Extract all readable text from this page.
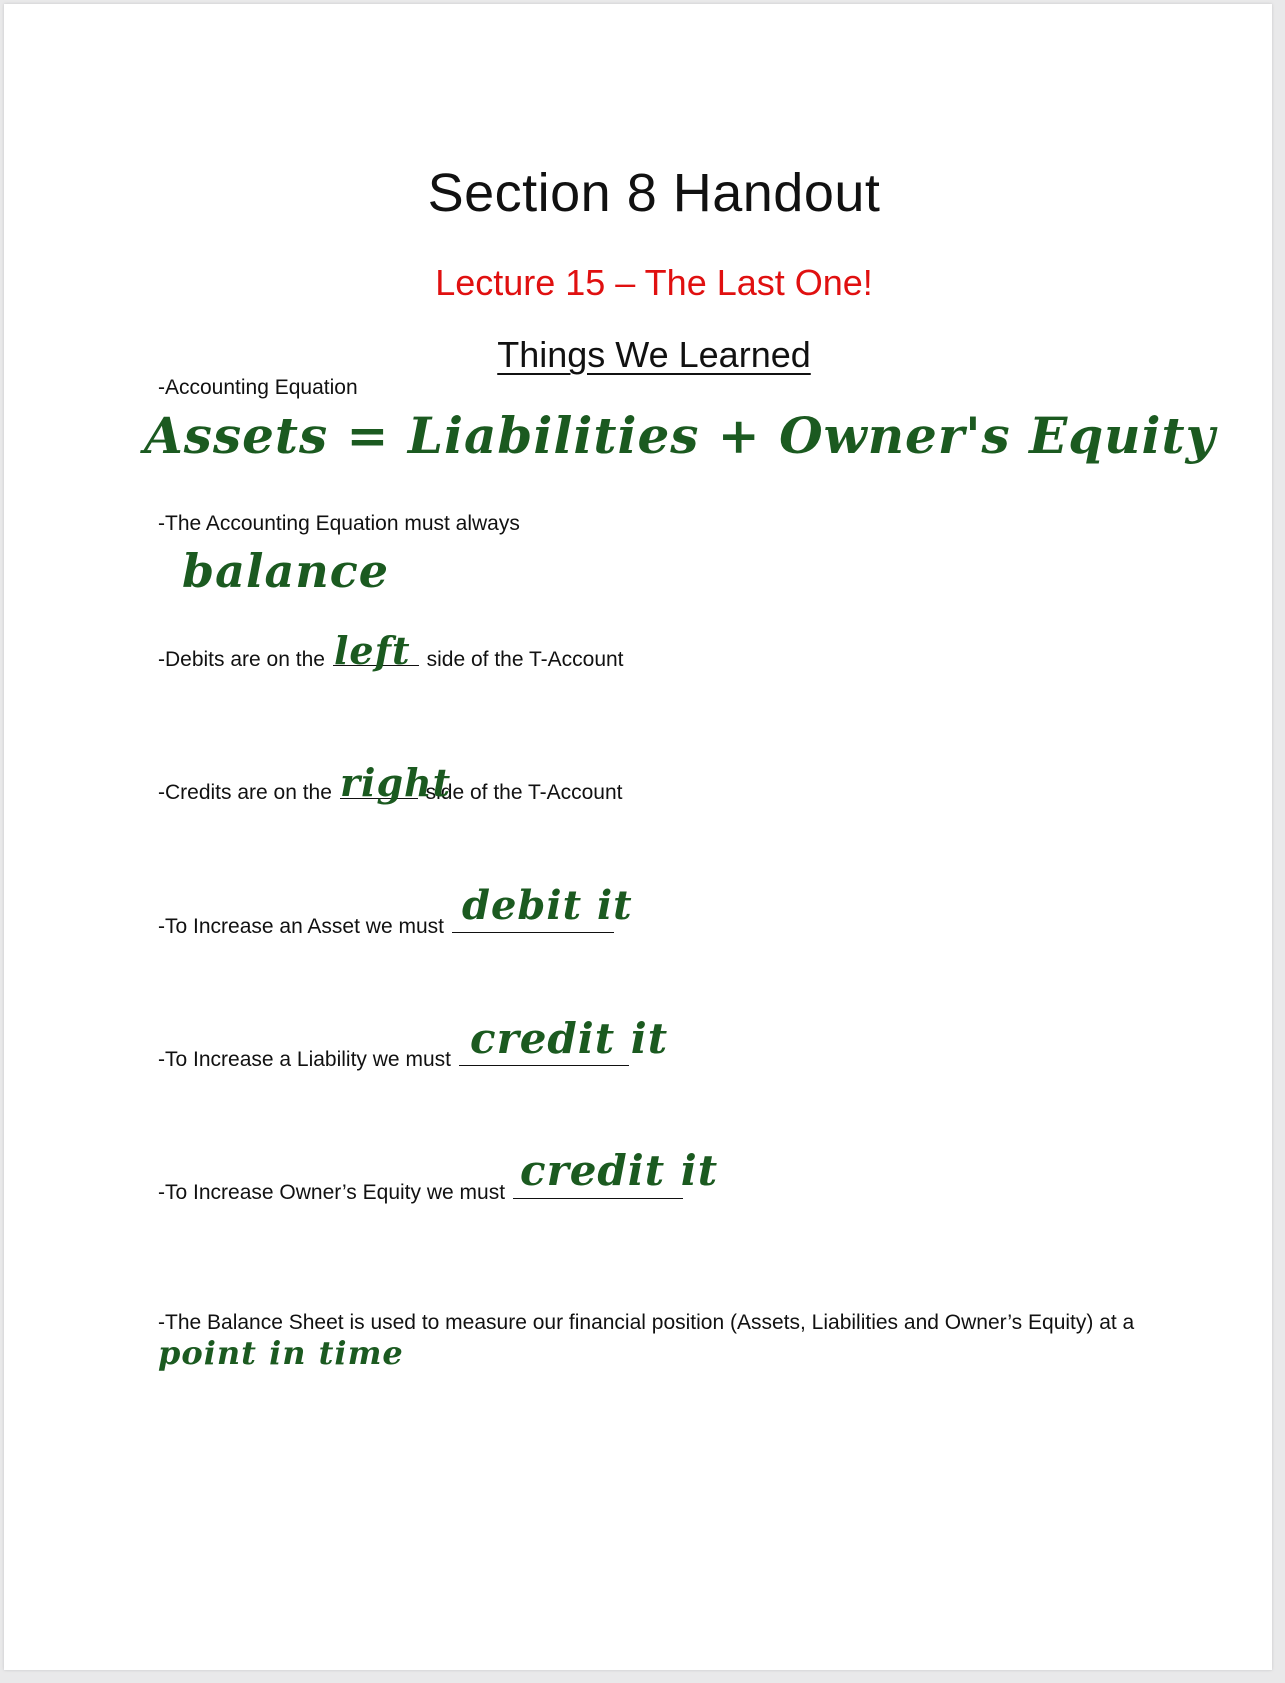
Section 8 Handout
Lecture 15 – The Last One!
Things We Learned
-Accounting Equation
Assets = Liabilities + Owner's Equity
-The Accounting Equation must always
balance
-Debits are on the	side of the T-Account
left
-Credits are on the	side of the T-Account
right
-To Increase an Asset we must debit it
-To Increase a Liability we must credit it
-To Increase Owner’s Equity we must credit it
-The Balance Sheet is used to measure our financial position (Assets, Liabilities and Owner’s Equity) at a
point in time
